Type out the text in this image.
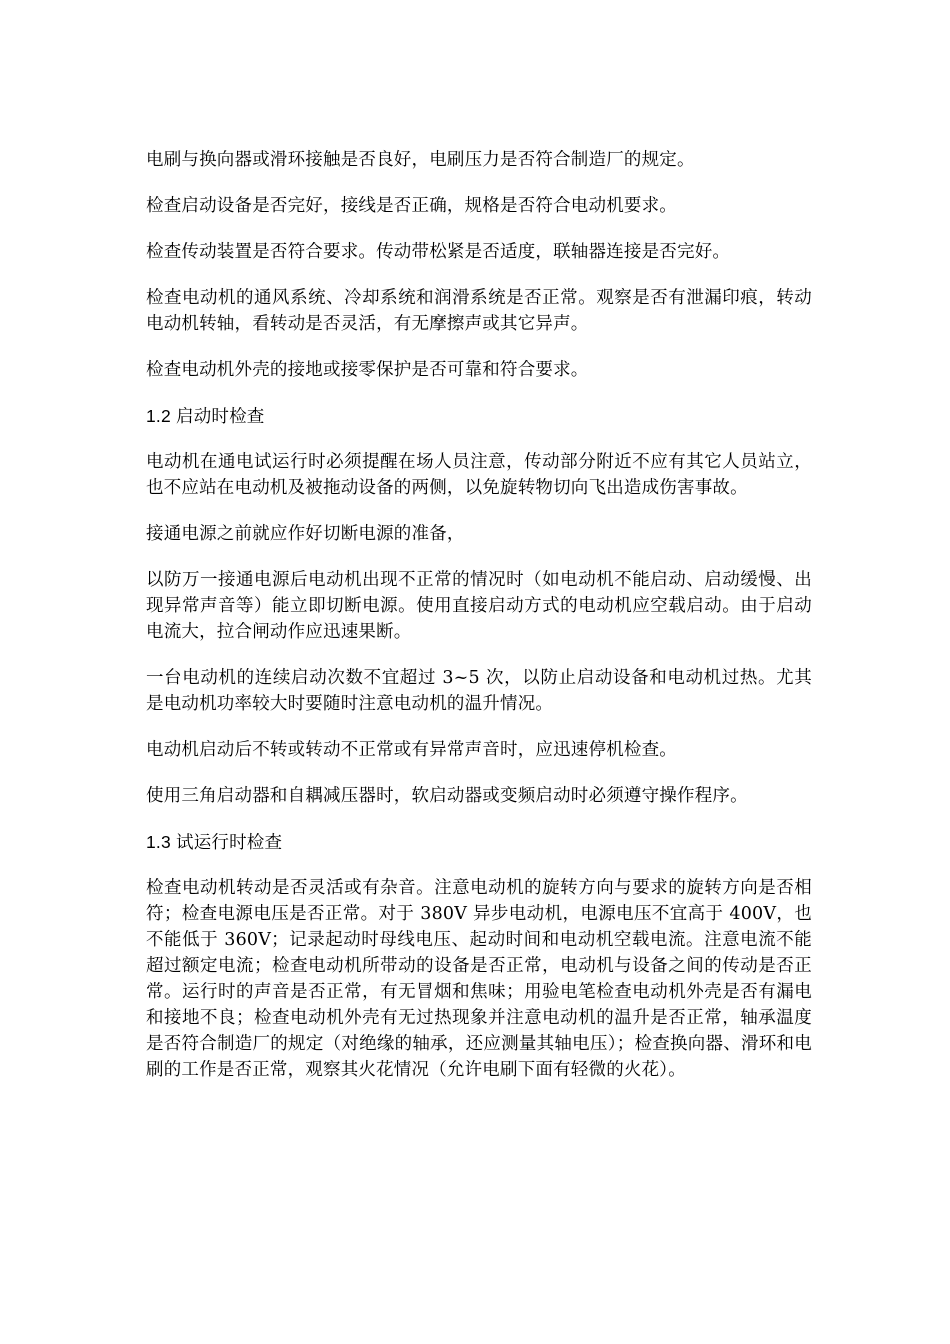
电刷与换向器或滑环接触是否良好，电刷压力是否符合制造厂的规定。

检查启动设备是否完好，接线是否正确，规格是否符合电动机要求。

检查传动装置是否符合要求。传动带松紧是否适度，联轴器连接是否完好。

检查电动机的通风系统、冷却系统和润滑系统是否正常。观察是否有泄漏印痕，转动电动机转轴，看转动是否灵活，有无摩擦声或其它异声。

检查电动机外壳的接地或接零保护是否可靠和符合要求。

1.2 启动时检查

电动机在通电试运行时必须提醒在场人员注意，传动部分附近不应有其它人员站立，也不应站在电动机及被拖动设备的两侧，以免旋转物切向飞出造成伤害事故。

接通电源之前就应作好切断电源的准备，

以防万一接通电源后电动机出现不正常的情况时（如电动机不能启动、启动缓慢、出现异常声音等）能立即切断电源。使用直接启动方式的电动机应空载启动。由于启动电流大，拉合闸动作应迅速果断。

一台电动机的连续启动次数不宜超过 3~5 次，以防止启动设备和电动机过热。尤其是电动机功率较大时要随时注意电动机的温升情况。

电动机启动后不转或转动不正常或有异常声音时，应迅速停机检查。

使用三角启动器和自耦减压器时，软启动器或变频启动时必须遵守操作程序。

1.3 试运行时检查

检查电动机转动是否灵活或有杂音。注意电动机的旋转方向与要求的旋转方向是否相符；检查电源电压是否正常。对于 380V 异步电动机，电源电压不宜高于 400V，也不能低于 360V；记录起动时母线电压、起动时间和电动机空载电流。注意电流不能超过额定电流；检查电动机所带动的设备是否正常，电动机与设备之间的传动是否正常。运行时的声音是否正常，有无冒烟和焦味；用验电笔检查电动机外壳是否有漏电和接地不良；检查电动机外壳有无过热现象并注意电动机的温升是否正常，轴承温度是否符合制造厂的规定（对绝缘的轴承，还应测量其轴电压）；检查换向器、滑环和电刷的工作是否正常，观察其火花情况（允许电刷下面有轻微的火花）。
